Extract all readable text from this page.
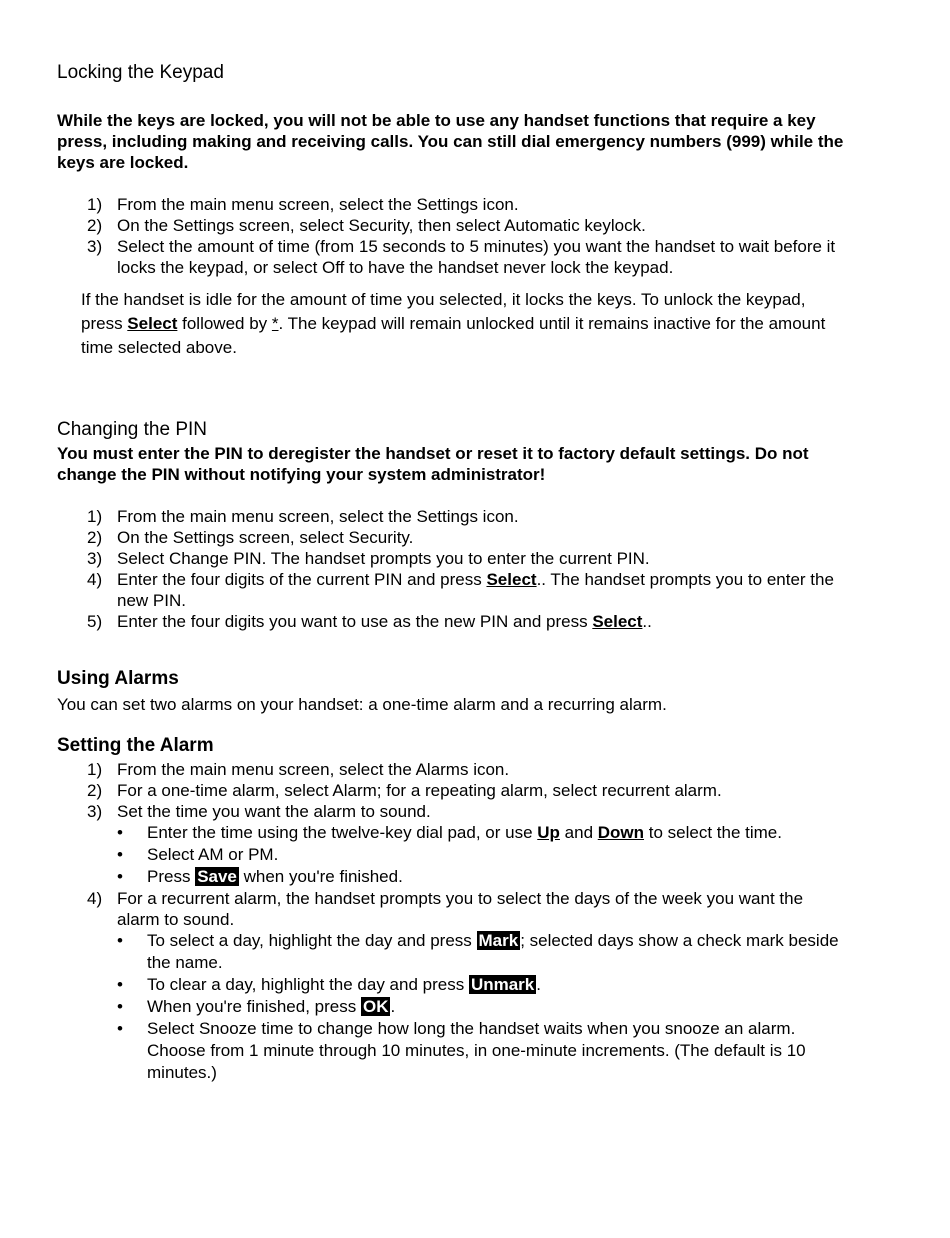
Locking the Keypad

While the keys are locked, you will not be able to use any handset functions that require a key press, including making and receiving calls. You can still dial emergency numbers (999) while the keys are locked.

1) From the main menu screen, select the Settings icon.
2) On the Settings screen, select Security, then select Automatic keylock.
3) Select the amount of time (from 15 seconds to 5 minutes) you want the handset to wait before it locks the keypad, or select Off to have the handset never lock the keypad.

If the handset is idle for the amount of time you selected, it locks the keys. To unlock the keypad, press Select followed by *. The keypad will remain unlocked until it remains inactive for the amount time selected above.

Changing the PIN

You must enter the PIN to deregister the handset or reset it to factory default settings. Do not change the PIN without notifying your system administrator!

1) From the main menu screen, select the Settings icon.
2) On the Settings screen, select Security.
3) Select Change PIN. The handset prompts you to enter the current PIN.
4) Enter the four digits of the current PIN and press Select.. The handset prompts you to enter the new PIN.
5) Enter the four digits you want to use as the new PIN and press Select..
Using Alarms

You can set two alarms on your handset: a one-time alarm and a recurring alarm.

Setting the Alarm
1) From the main menu screen, select the Alarms icon.
2) For a one-time alarm, select Alarm; for a repeating alarm, select recurrent alarm.
3) Set the time you want the alarm to sound.
• Enter the time using the twelve-key dial pad, or use Up and Down to select the time.
• Select AM or PM.
• Press Save when you're finished.
4) For a recurrent alarm, the handset prompts you to select the days of the week you want the alarm to sound.
• To select a day, highlight the day and press Mark ; selected days show a check mark beside the name.
• To clear a day, highlight the day and press Unmark .
• When you're finished, press OK .
• Select Snooze time to change how long the handset waits when you snooze an alarm. Choose from 1 minute through 10 minutes, in one-minute increments. (The default is 10 minutes.)
